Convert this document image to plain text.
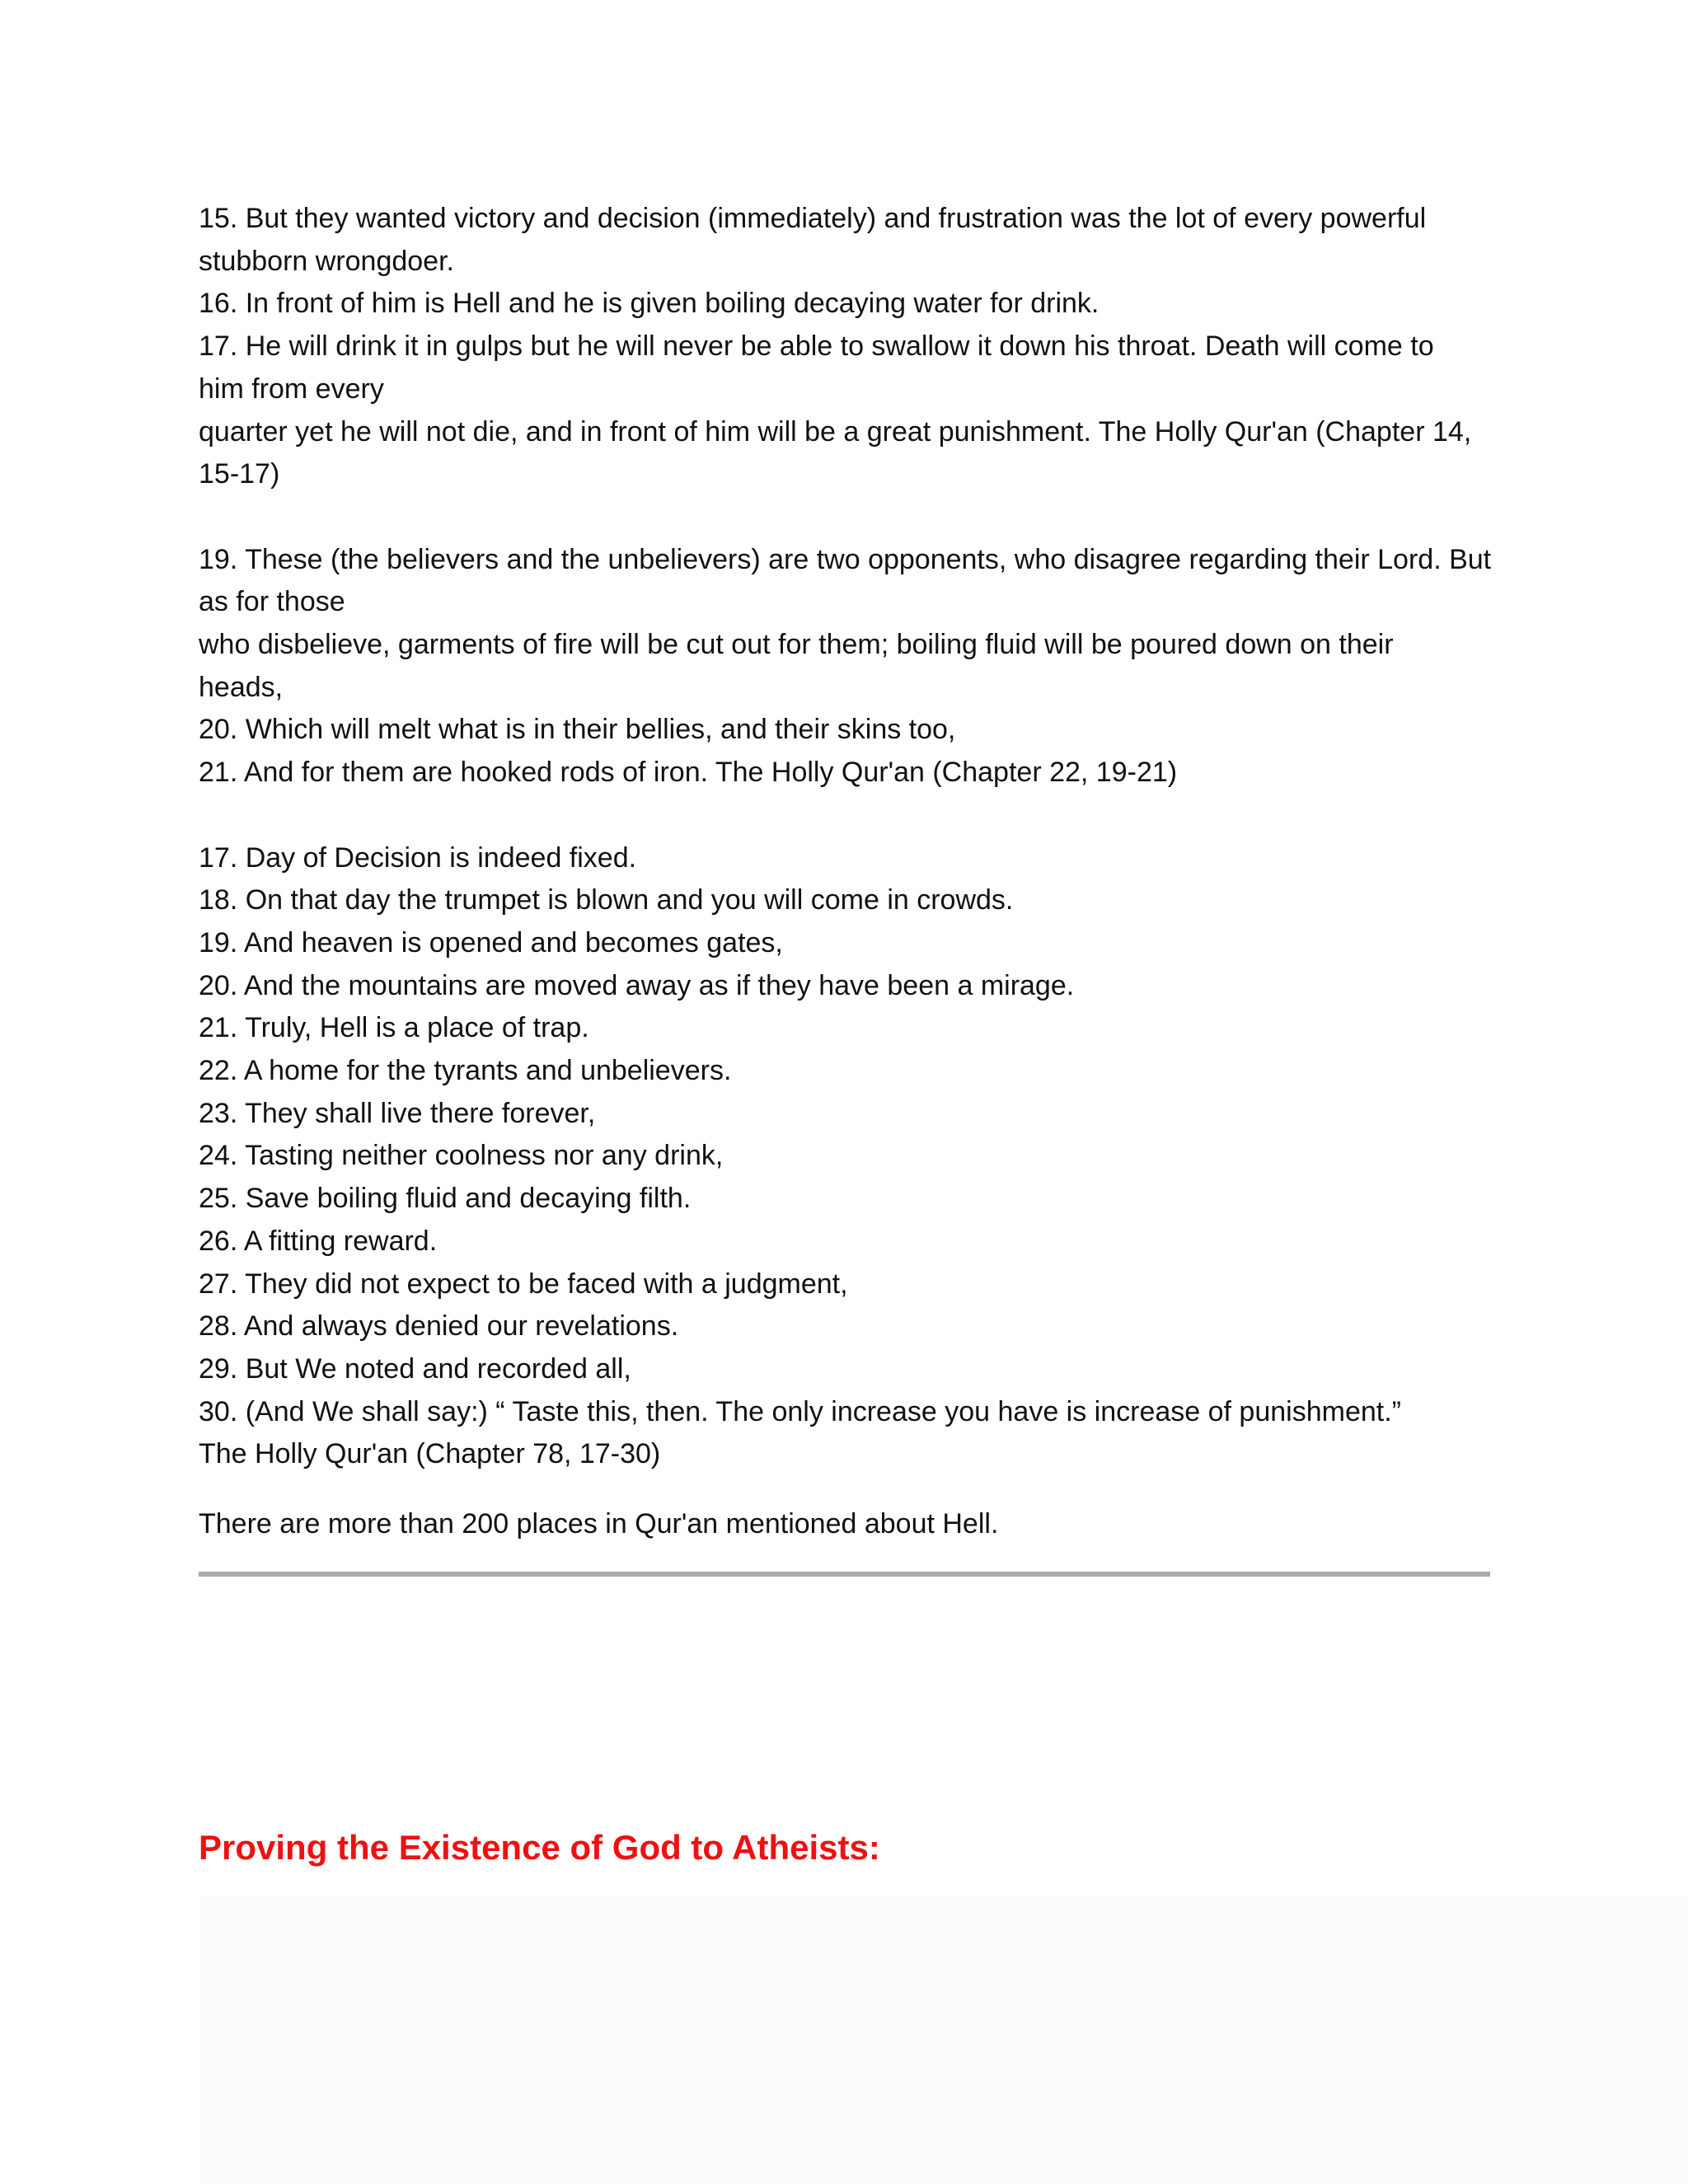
15. But they wanted victory and decision (immediately) and frustration was the lot of every powerful
stubborn wrongdoer.
16. In front of him is Hell and he is given boiling decaying water for drink.
17. He will drink it in gulps but he will never be able to swallow it down his throat. Death will come to
him from every
quarter yet he will not die, and in front of him will be a great punishment. The Holly Qur'an (Chapter 14,
15-17)
19. These (the believers and the unbelievers) are two opponents, who disagree regarding their Lord. But
as for those
who disbelieve, garments of fire will be cut out for them; boiling fluid will be poured down on their
heads,
20. Which will melt what is in their bellies, and their skins too,
21. And for them are hooked rods of iron. The Holly Qur'an (Chapter 22, 19-21)
17. Day of Decision is indeed fixed.
18. On that day the trumpet is blown and you will come in crowds.
19. And heaven is opened and becomes gates,
20. And the mountains are moved away as if they have been a mirage.
21. Truly, Hell is a place of trap.
22. A home for the tyrants and unbelievers.
23. They shall live there forever,
24. Tasting neither coolness nor any drink,
25. Save boiling fluid and decaying filth.
26. A fitting reward.
27. They did not expect to be faced with a judgment,
28. And always denied our revelations.
29. But We noted and recorded all,
30. (And We shall say:) “ Taste this, then. The only increase you have is increase of punishment.”
The Holly Qur'an (Chapter 78, 17-30)
There are more than 200 places in Qur'an mentioned about Hell.
Proving the Existence of God to Atheists:
